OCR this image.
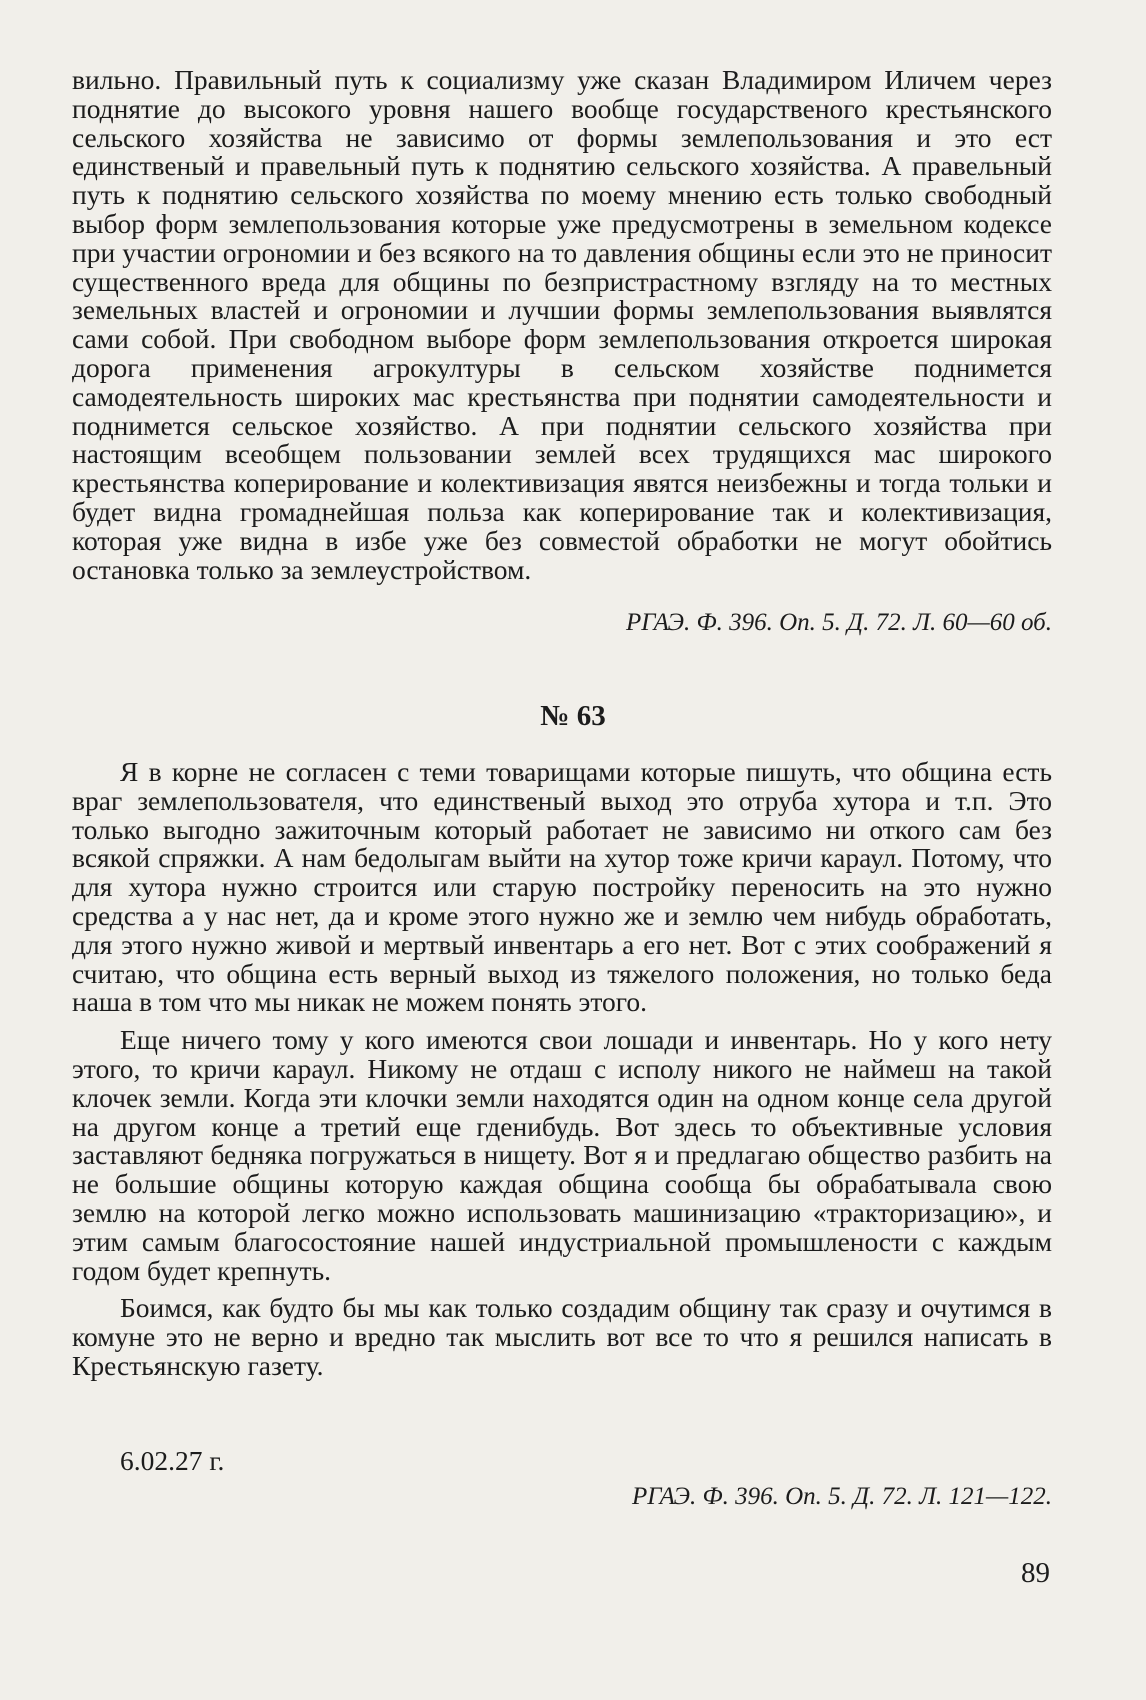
вильно. Правильный путь к социализму уже сказан Владимиром Иличем через поднятие до высокого уровня нашего вообще государственого крестьянского сельского хозяйства не зависимо от формы землепользования и это ест единственый и правельный путь к поднятию сельского хозяйства. А правельный путь к поднятию сельского хозяйства по моему мнению есть только свободный выбор форм землепользования которые уже предусмотрены в земельном кодексе при участии огрономии и без всякого на то давления общины если это не приносит существенного вреда для общины по безпристрастному взгляду на то местных земельных властей и огрономии и лучшии формы землепользования выявлятся сами собой. При свободном выборе форм землепользования откроется широкая дорога применения агрокултуры в сельском хозяйстве поднимется самодеятельность широких мас крестьянства при поднятии самодеятельности и поднимется сельское хозяйство. А при поднятии сельского хозяйства при настоящим всеобщем пользовании землей всех трудящихся мас широкого крестьянства коперирование и колективизация явятся неизбежны и тогда тольки и будет видна громаднейшая польза как коперирование так и колективизация, которая уже видна в избе уже без совместой обработки не могут обойтись остановка только за землеустройством.

РГАЭ. Ф. 396. Оп. 5. Д. 72. Л. 60—60 об.
№ 63

Я в корне не согласен с теми товарищами которые пишуть, что община есть враг землепользователя, что единственый выход это отруба хутора и т.п. Это только выгодно зажиточным который работает не зависимо ни откого сам без всякой спряжки. А нам бедолыгам выйти на хутор тоже кричи караул. Потому, что для хутора нужно строится или старую постройку переносить на это нужно средства а у нас нет, да и кроме этого нужно же и землю чем нибудь обработать, для этого нужно живой и мертвый инвентарь а его нет. Вот с этих соображений я считаю, что община есть верный выход из тяжелого положения, но только беда наша в том что мы никак не можем понять этого.

Еще ничего тому у кого имеются свои лошади и инвентарь. Но у кого нету этого, то кричи караул. Никому не отдаш с исполу никого не наймеш на такой клочек земли. Когда эти клочки земли находятся один на одном конце села другой на другом конце а третий еще гденибудь. Вот здесь то объективные условия заставляют бедняка погружаться в нищету. Вот я и предлагаю общество разбить на не большие общины которую каждая община сообща бы обрабатывала свою землю на которой легко можно использовать машинизацию «тракторизацию», и этим самым благосостояние нашей индустриальной промышлености с каждым годом будет крепнуть.

Боимся, как будто бы мы как только создадим общину так сразу и очутимся в комуне это не верно и вредно так мыслить вот все то что я решился написать в Крестьянскую газету.

6.02.27 г.
РГАЭ. Ф. 396. Оп. 5. Д. 72. Л. 121—122.
89
